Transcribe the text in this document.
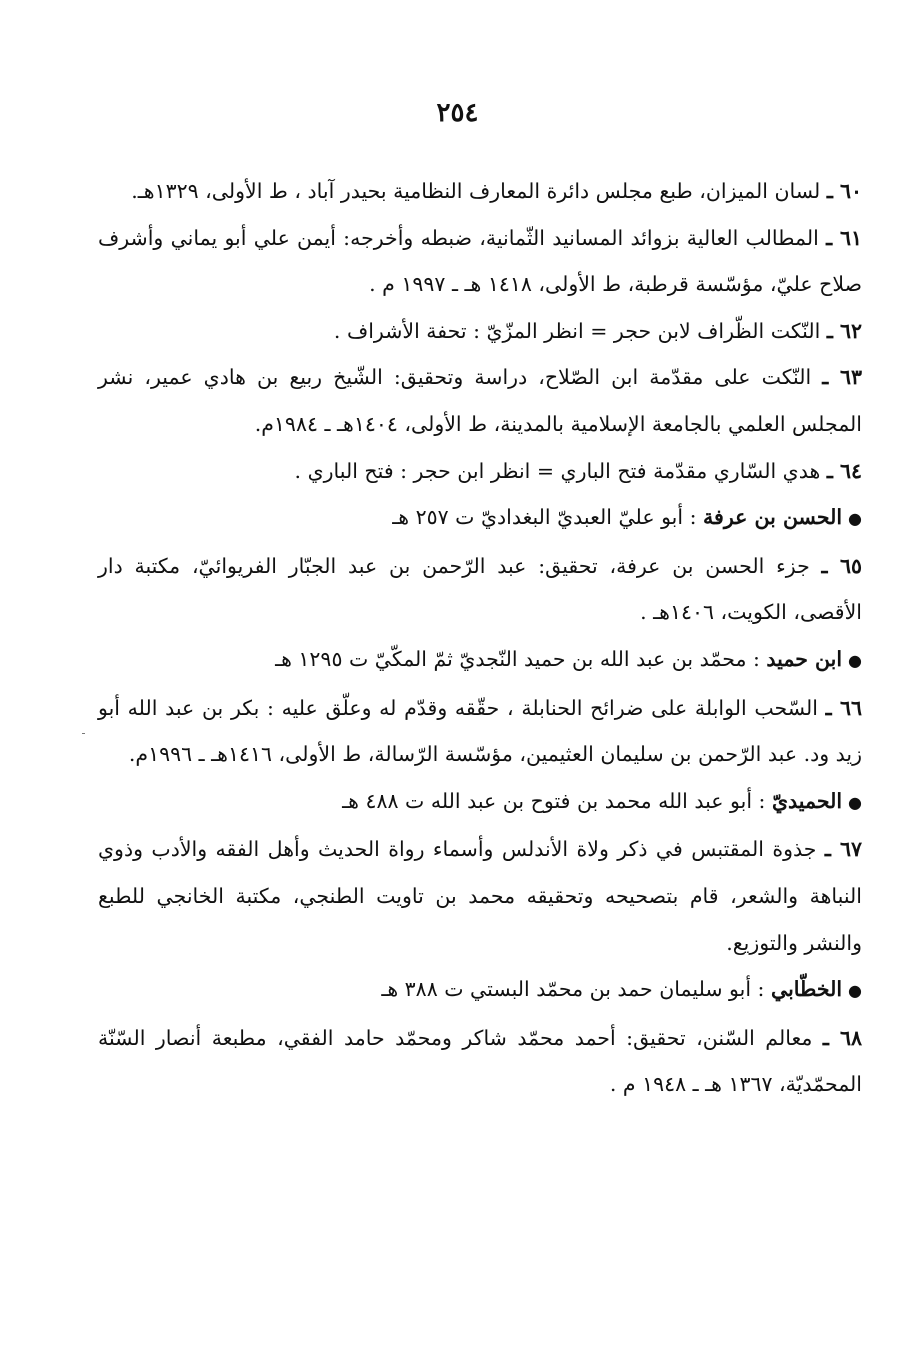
٢٥٤

٦٠ ـ لسان الميزان، طبع مجلس دائرة المعارف النظامية بحيدر آباد ، ط الأولى، ١٣٢٩هـ.

٦١ ـ المطالب العالية بزوائد المسانيد الثّمانية، ضبطه وأخرجه: أيمن علي أبو يماني وأشرف صلاح عليّ، مؤسّسة قرطبة، ط الأولى، ١٤١٨ هـ ـ ١٩٩٧ م .

٦٢ ـ النّكت الظّراف لابن حجر = انظر المزّيّ : تحفة الأشراف .

٦٣ ـ النّكت على مقدّمة ابن الصّلاح، دراسة وتحقيق: الشّيخ ربيع بن هادي عمير، نشر المجلس العلمي بالجامعة الإسلامية بالمدينة، ط الأولى، ١٤٠٤هـ ـ ١٩٨٤م.

٦٤ ـ هدي السّاري مقدّمة فتح الباري = انظر ابن حجر : فتح الباري .

●الحسن بن عرفة : أبو عليّ العبديّ البغداديّ ت ٢٥٧ هـ

٦٥ ـ جزء الحسن بن عرفة، تحقيق: عبد الرّحمن بن عبد الجبّار الفريوائيّ، مكتبة دار الأقصى، الكويت، ١٤٠٦هـ .

●ابن حميد : محمّد بن عبد الله بن حميد النّجديّ ثمّ المكّيّ ت ١٢٩٥ هـ

٦٦ ـ السّحب الوابلة على ضرائح الحنابلة ، حقّقه وقدّم له وعلّق عليه : بكر بن عبد الله أبو زيد ود. عبد الرّحمن بن سليمان العثيمين، مؤسّسة الرّسالة، ط الأولى، ١٤١٦هـ ـ ١٩٩٦م.

●الحميديّ : أبو عبد الله محمد بن فتوح بن عبد الله ت ٤٨٨ هـ

٦٧ ـ جذوة المقتبس في ذكر ولاة الأندلس وأسماء رواة الحديث وأهل الفقه والأدب وذوي النباهة والشعر، قام بتصحيحه وتحقيقه محمد بن تاويت الطنجي، مكتبة الخانجي للطبع والنشر والتوزيع.

●الخطّابي : أبو سليمان حمد بن محمّد البستي ت ٣٨٨ هـ

٦٨ ـ معالم السّنن، تحقيق: أحمد محمّد شاكر ومحمّد حامد الفقي، مطبعة أنصار السّنّة المحمّديّة، ١٣٦٧ هـ ـ ١٩٤٨ م .
